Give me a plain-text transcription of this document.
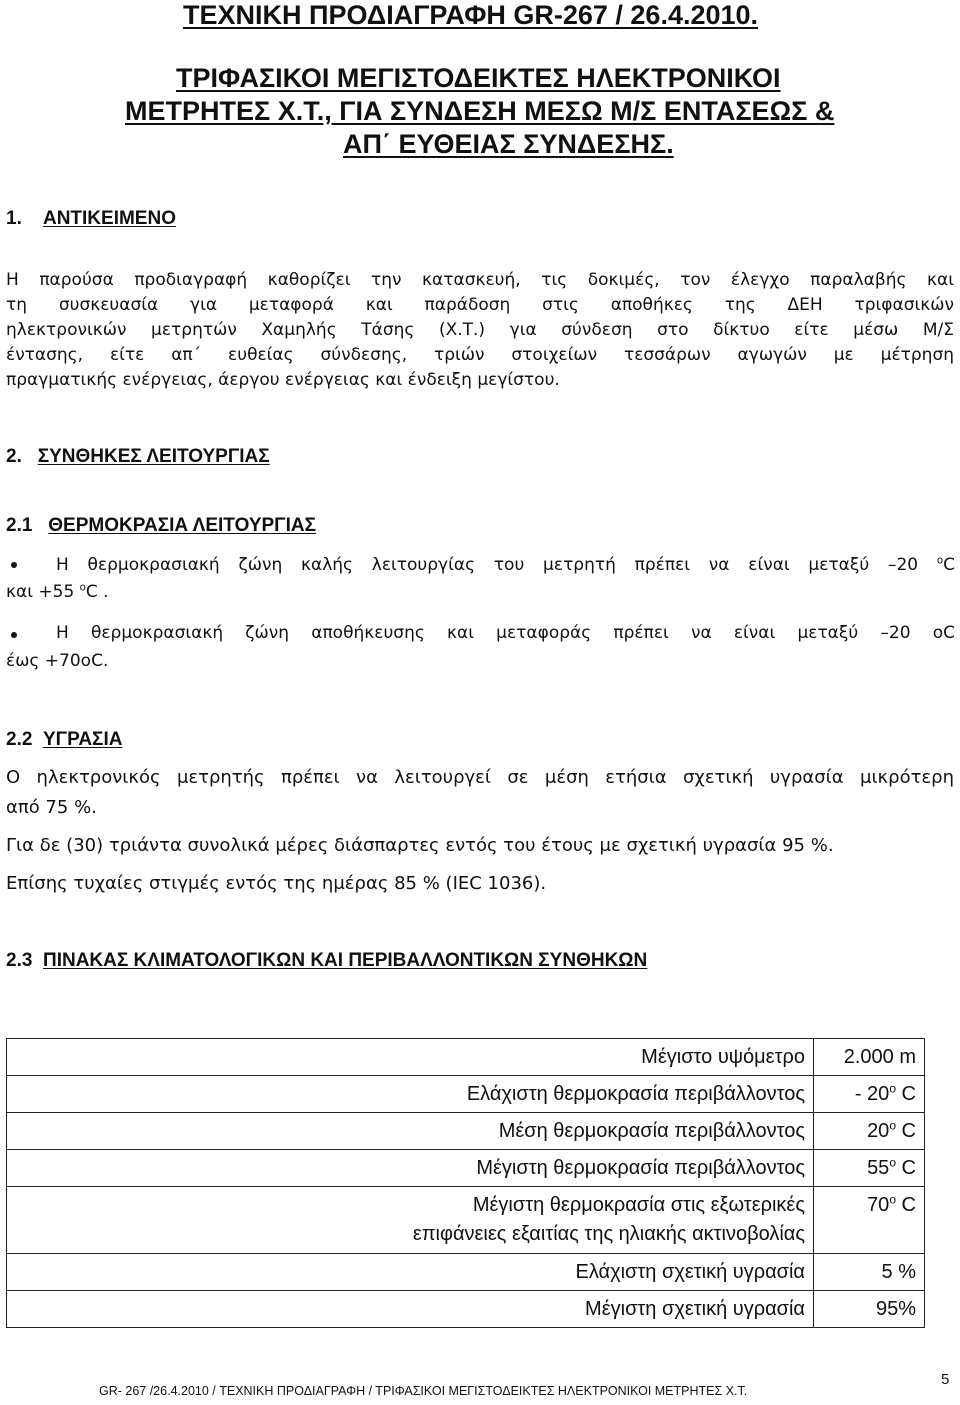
ΤΕΧΝΙΚΗ ΠΡΟΔΙΑΓΡΑΦΗ GR-267 / 26.4.2010.
ΤΡΙΦΑΣΙΚΟΙ ΜΕΓΙΣΤΟΔΕΙΚΤΕΣ ΗΛΕΚΤΡΟΝΙΚΟΙ
ΜΕΤΡΗΤΕΣ Χ.Τ., ΓΙΑ ΣΥΝΔΕΣΗ ΜΕΣΩ Μ/Σ ΕΝΤΑΣΕΩΣ &
ΑΠ΄ ΕΥΘΕΙΑΣ ΣΥΝΔΕΣΗΣ.
1. ΑΝΤΙΚΕΙΜΕΝΟ
Η παρούσα προδιαγραφή καθορίζει την κατασκευή, τις δοκιμές, τον έλεγχο παραλαβής και
τη συσκευασία για μεταφορά και παράδοση στις αποθήκες της ΔΕΗ τριφασικών
ηλεκτρονικών μετρητών Χαμηλής Τάσης (Χ.Τ.) για σύνδεση στο δίκτυο είτε μέσω Μ/Σ
έντασης, είτε απ΄ ευθείας σύνδεσης, τριών στοιχείων τεσσάρων αγωγών με μέτρηση
πραγματικής ενέργειας, άεργου ενέργειας και ένδειξη μεγίστου.
2. ΣΥΝΘΗΚΕΣ ΛΕΙΤΟΥΡΓΙΑΣ
2.1 ΘΕΡΜΟΚΡΑΣΙΑ ΛΕΙΤΟΥΡΓΙΑΣ
Η θερμοκρασιακή ζώνη καλής λειτουργίας του μετρητή πρέπει να είναι μεταξύ –20 $^o$C
και +55 $^o$C .
Η θερμοκρασιακή ζώνη αποθήκευσης και μεταφοράς πρέπει να είναι μεταξύ –20 oC
έως +70oC.
2.2 ΥΓΡΑΣΙΑ
Ο ηλεκτρονικός μετρητής πρέπει να λειτουργεί σε μέση ετήσια σχετική υγρασία μικρότερη
από 75 %.
Για δε (30) τριάντα συνολικά μέρες διάσπαρτες εντός του έτους με σχετική υγρασία 95 %.
Επίσης τυχαίες στιγμές εντός της ημέρας 85 % (IEC 1036).
2.3 ΠΙΝΑΚΑΣ ΚΛΙΜΑΤΟΛΟΓΙΚΩΝ ΚΑΙ ΠΕΡΙΒΑΛΛΟΝΤΙΚΩΝ ΣΥΝΘΗΚΩΝ
Μέγιστο υψόμετρο	2.000 m
Ελάχιστη θερμοκρασία περιβάλλοντος	- 20$^o$ C
Μέση θερμοκρασία περιβάλλοντος	20$^o$ C
Μέγιστη θερμοκρασία περιβάλλοντος	55$^o$ C

Μέγιστη θερμοκρασία στις εξωτερικές
επιφάνειες εξαιτίας της ηλιακής ακτινοβολίας	70$^o$ C
Ελάχιστη σχετική υγρασία	5 %
Μέγιστη σχετική υγρασία	95%
GR- 267 /26.4.2010 / ΤΕΧΝΙΚΗ ΠΡΟΔΙΑΓΡΑΦΗ / ΤΡΙΦΑΣΙΚΟΙ ΜΕΓΙΣΤΟΔΕΙΚΤΕΣ ΗΛΕΚΤΡΟΝΙΚΟΙ ΜΕΤΡΗΤΕΣ Χ.Τ.
5
